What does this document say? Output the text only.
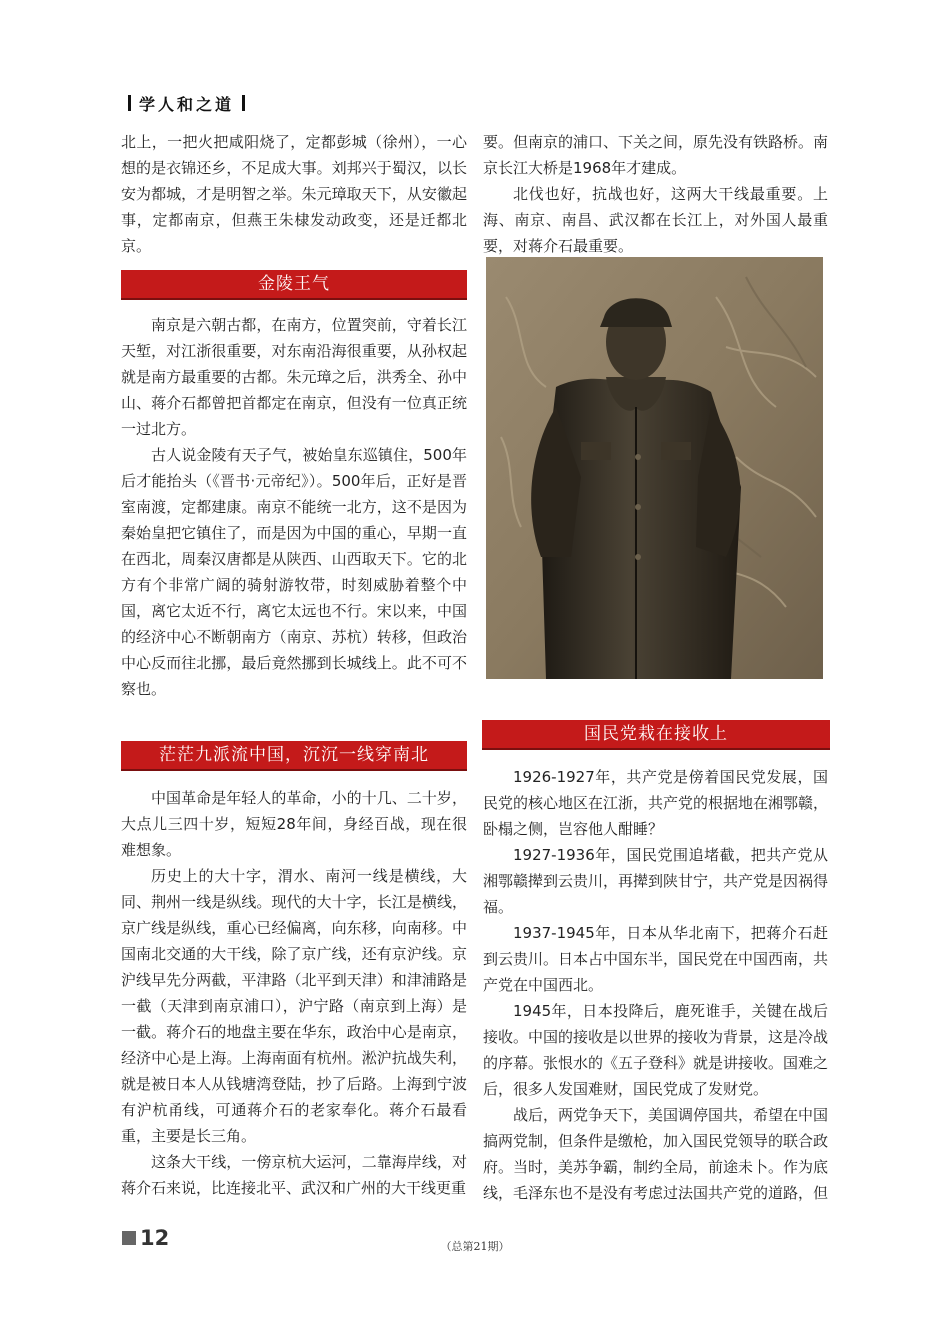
学人和之道

北上，一把火把咸阳烧了，定都彭城（徐州），一心想的是衣锦还乡，不足成大事。刘邦兴于蜀汉，以长安为都城，才是明智之举。朱元璋取天下，从安徽起事，定都南京，但燕王朱棣发动政变，还是迁都北京。

金陵王气

南京是六朝古都，在南方，位置突前，守着长江天堑，对江浙很重要，对东南沿海很重要，从孙权起就是南方最重要的古都。朱元璋之后，洪秀全、孙中山、蒋介石都曾把首都定在南京，但没有一位真正统一过北方。

古人说金陵有天子气，被始皇东巡镇住，500年后才能抬头（《晋书·元帝纪》）。500年后，正好是晋室南渡，定都建康。南京不能统一北方，这不是因为秦始皇把它镇住了，而是因为中国的重心，早期一直在西北，周秦汉唐都是从陕西、山西取天下。它的北方有个非常广阔的骑射游牧带，时刻威胁着整个中国，离它太近不行，离它太远也不行。宋以来，中国的经济中心不断朝南方（南京、苏杭）转移，但政治中心反而往北挪，最后竟然挪到长城线上。此不可不察也。

茫茫九派流中国，沉沉一线穿南北

中国革命是年轻人的革命，小的十几、二十岁，大点儿三四十岁，短短28年间，身经百战，现在很难想象。

历史上的大十字，渭水、南河一线是横线，大同、荆州一线是纵线。现代的大十字，长江是横线，京广线是纵线，重心已经偏离，向东移，向南移。中国南北交通的大干线，除了京广线，还有京沪线。京沪线早先分两截，平津路（北平到天津）和津浦路是一截（天津到南京浦口），沪宁路（南京到上海）是一截。蒋介石的地盘主要在华东，政治中心是南京，经济中心是上海。上海南面有杭州。淞沪抗战失利，就是被日本人从钱塘湾登陆，抄了后路。上海到宁波有沪杭甬线，可通蒋介石的老家奉化。蒋介石最看重，主要是长三角。

这条大干线，一傍京杭大运河，二靠海岸线，对蒋介石来说，比连接北平、武汉和广州的大干线更重

要。但南京的浦口、下关之间，原先没有铁路桥。南京长江大桥是1968年才建成。

北伐也好，抗战也好，这两大干线最重要。上海、南京、南昌、武汉都在长江上，对外国人最重要，对蒋介石最重要。

国民党栽在接收上

1926-1927年，共产党是傍着国民党发展，国民党的核心地区在江浙，共产党的根据地在湘鄂赣，卧榻之侧，岂容他人酣睡？

1927-1936年，国民党围追堵截，把共产党从湘鄂赣撵到云贵川，再撵到陕甘宁，共产党是因祸得福。

1937-1945年，日本从华北南下，把蒋介石赶到云贵川。日本占中国东半，国民党在中国西南，共产党在中国西北。

1945年，日本投降后，鹿死谁手，关键在战后接收。中国的接收是以世界的接收为背景，这是冷战的序幕。张恨水的《五子登科》就是讲接收。国难之后，很多人发国难财，国民党成了发财党。

战后，两党争天下，美国调停国共，希望在中国搞两党制，但条件是缴枪，加入国民党领导的联合政府。当时，美苏争霸，制约全局，前途未卜。作为底线，毛泽东也不是没有考虑过法国共产党的道路，但

12	（总第21期）
